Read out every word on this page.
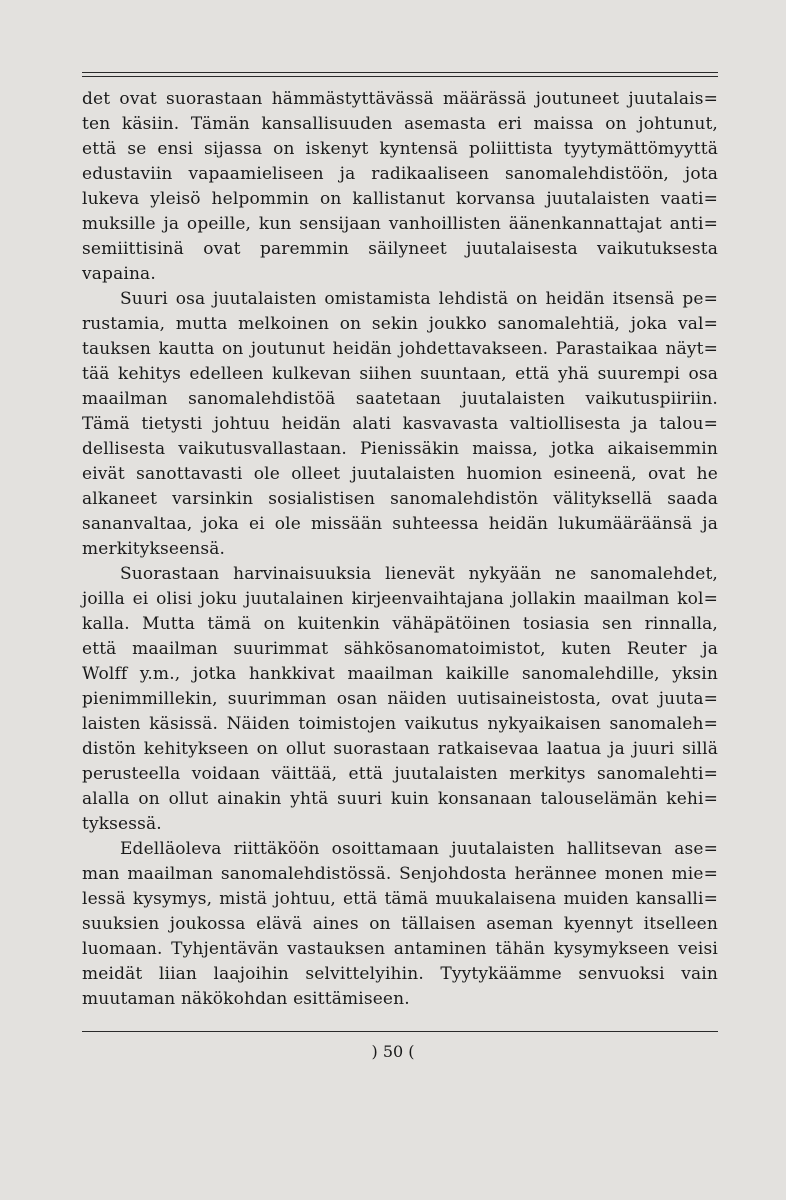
det ovat suorastaan hämmästyttävässä määrässä joutuneet juutalais=
ten käsiin. Tämän kansallisuuden asemasta eri maissa on johtunut,
että se ensi sijassa on iskenyt kyntensä poliittista tyytymättömyyttä
edustaviin vapaamieliseen ja radikaaliseen sanomalehdistöön, jota
lukeva yleisö helpommin on kallistanut korvansa juutalaisten vaati=
muksille ja opeille, kun sensijaan vanhoillisten äänenkannattajat anti=
semiittisinä ovat paremmin säilyneet juutalaisesta vaikutuksesta
vapaina.
Suuri osa juutalaisten omistamista lehdistä on heidän itsensä pe=
rustamia, mutta melkoinen on sekin joukko sanomalehtiä, joka val=
tauksen kautta on joutunut heidän johdettavakseen. Parastaikaa näyt=
tää kehitys edelleen kulkevan siihen suuntaan, että yhä suurempi osa
maailman sanomalehdistöä saatetaan juutalaisten vaikutuspiiriin.
Tämä tietysti johtuu heidän alati kasvavasta valtiollisesta ja talou=
dellisesta vaikutusvallastaan. Pienissäkin maissa, jotka aikaisemmin
eivät sanottavasti ole olleet juutalaisten huomion esineenä, ovat he
alkaneet varsinkin sosialistisen sanomalehdistön välityksellä saada
sananvaltaa, joka ei ole missään suhteessa heidän lukumääräänsä ja
merkitykseensä.
Suorastaan harvinaisuuksia lienevät nykyään ne sanomalehdet,
joilla ei olisi joku juutalainen kirjeenvaihtajana jollakin maailman kol=
kalla. Mutta tämä on kuitenkin vähäpätöinen tosiasia sen rinnalla,
että maailman suurimmat sähkösanomatoimistot, kuten Reuter ja
Wolff y.m., jotka hankkivat maailman kaikille sanomalehdille, yksin
pienimmillekin, suurimman osan näiden uutisaineistosta, ovat juuta=
laisten käsissä. Näiden toimistojen vaikutus nykyaikaisen sanomaleh=
distön kehitykseen on ollut suorastaan ratkaisevaa laatua ja juuri sillä
perusteella voidaan väittää, että juutalaisten merkitys sanomalehti=
alalla on ollut ainakin yhtä suuri kuin konsanaan talouselämän kehi=
tyksessä.
Edelläoleva riittäköön osoittamaan juutalaisten hallitsevan ase=
man maailman sanomalehdistössä. Senjohdosta herännee monen mie=
lessä kysymys, mistä johtuu, että tämä muukalaisena muiden kansalli=
suuksien joukossa elävä aines on tällaisen aseman kyennyt itselleen
luomaan. Tyhjentävän vastauksen antaminen tähän kysymykseen veisi
meidät liian laajoihin selvittelyihin. Tyytykäämme senvuoksi vain
muutaman näkökohdan esittämiseen.
) 50 (
